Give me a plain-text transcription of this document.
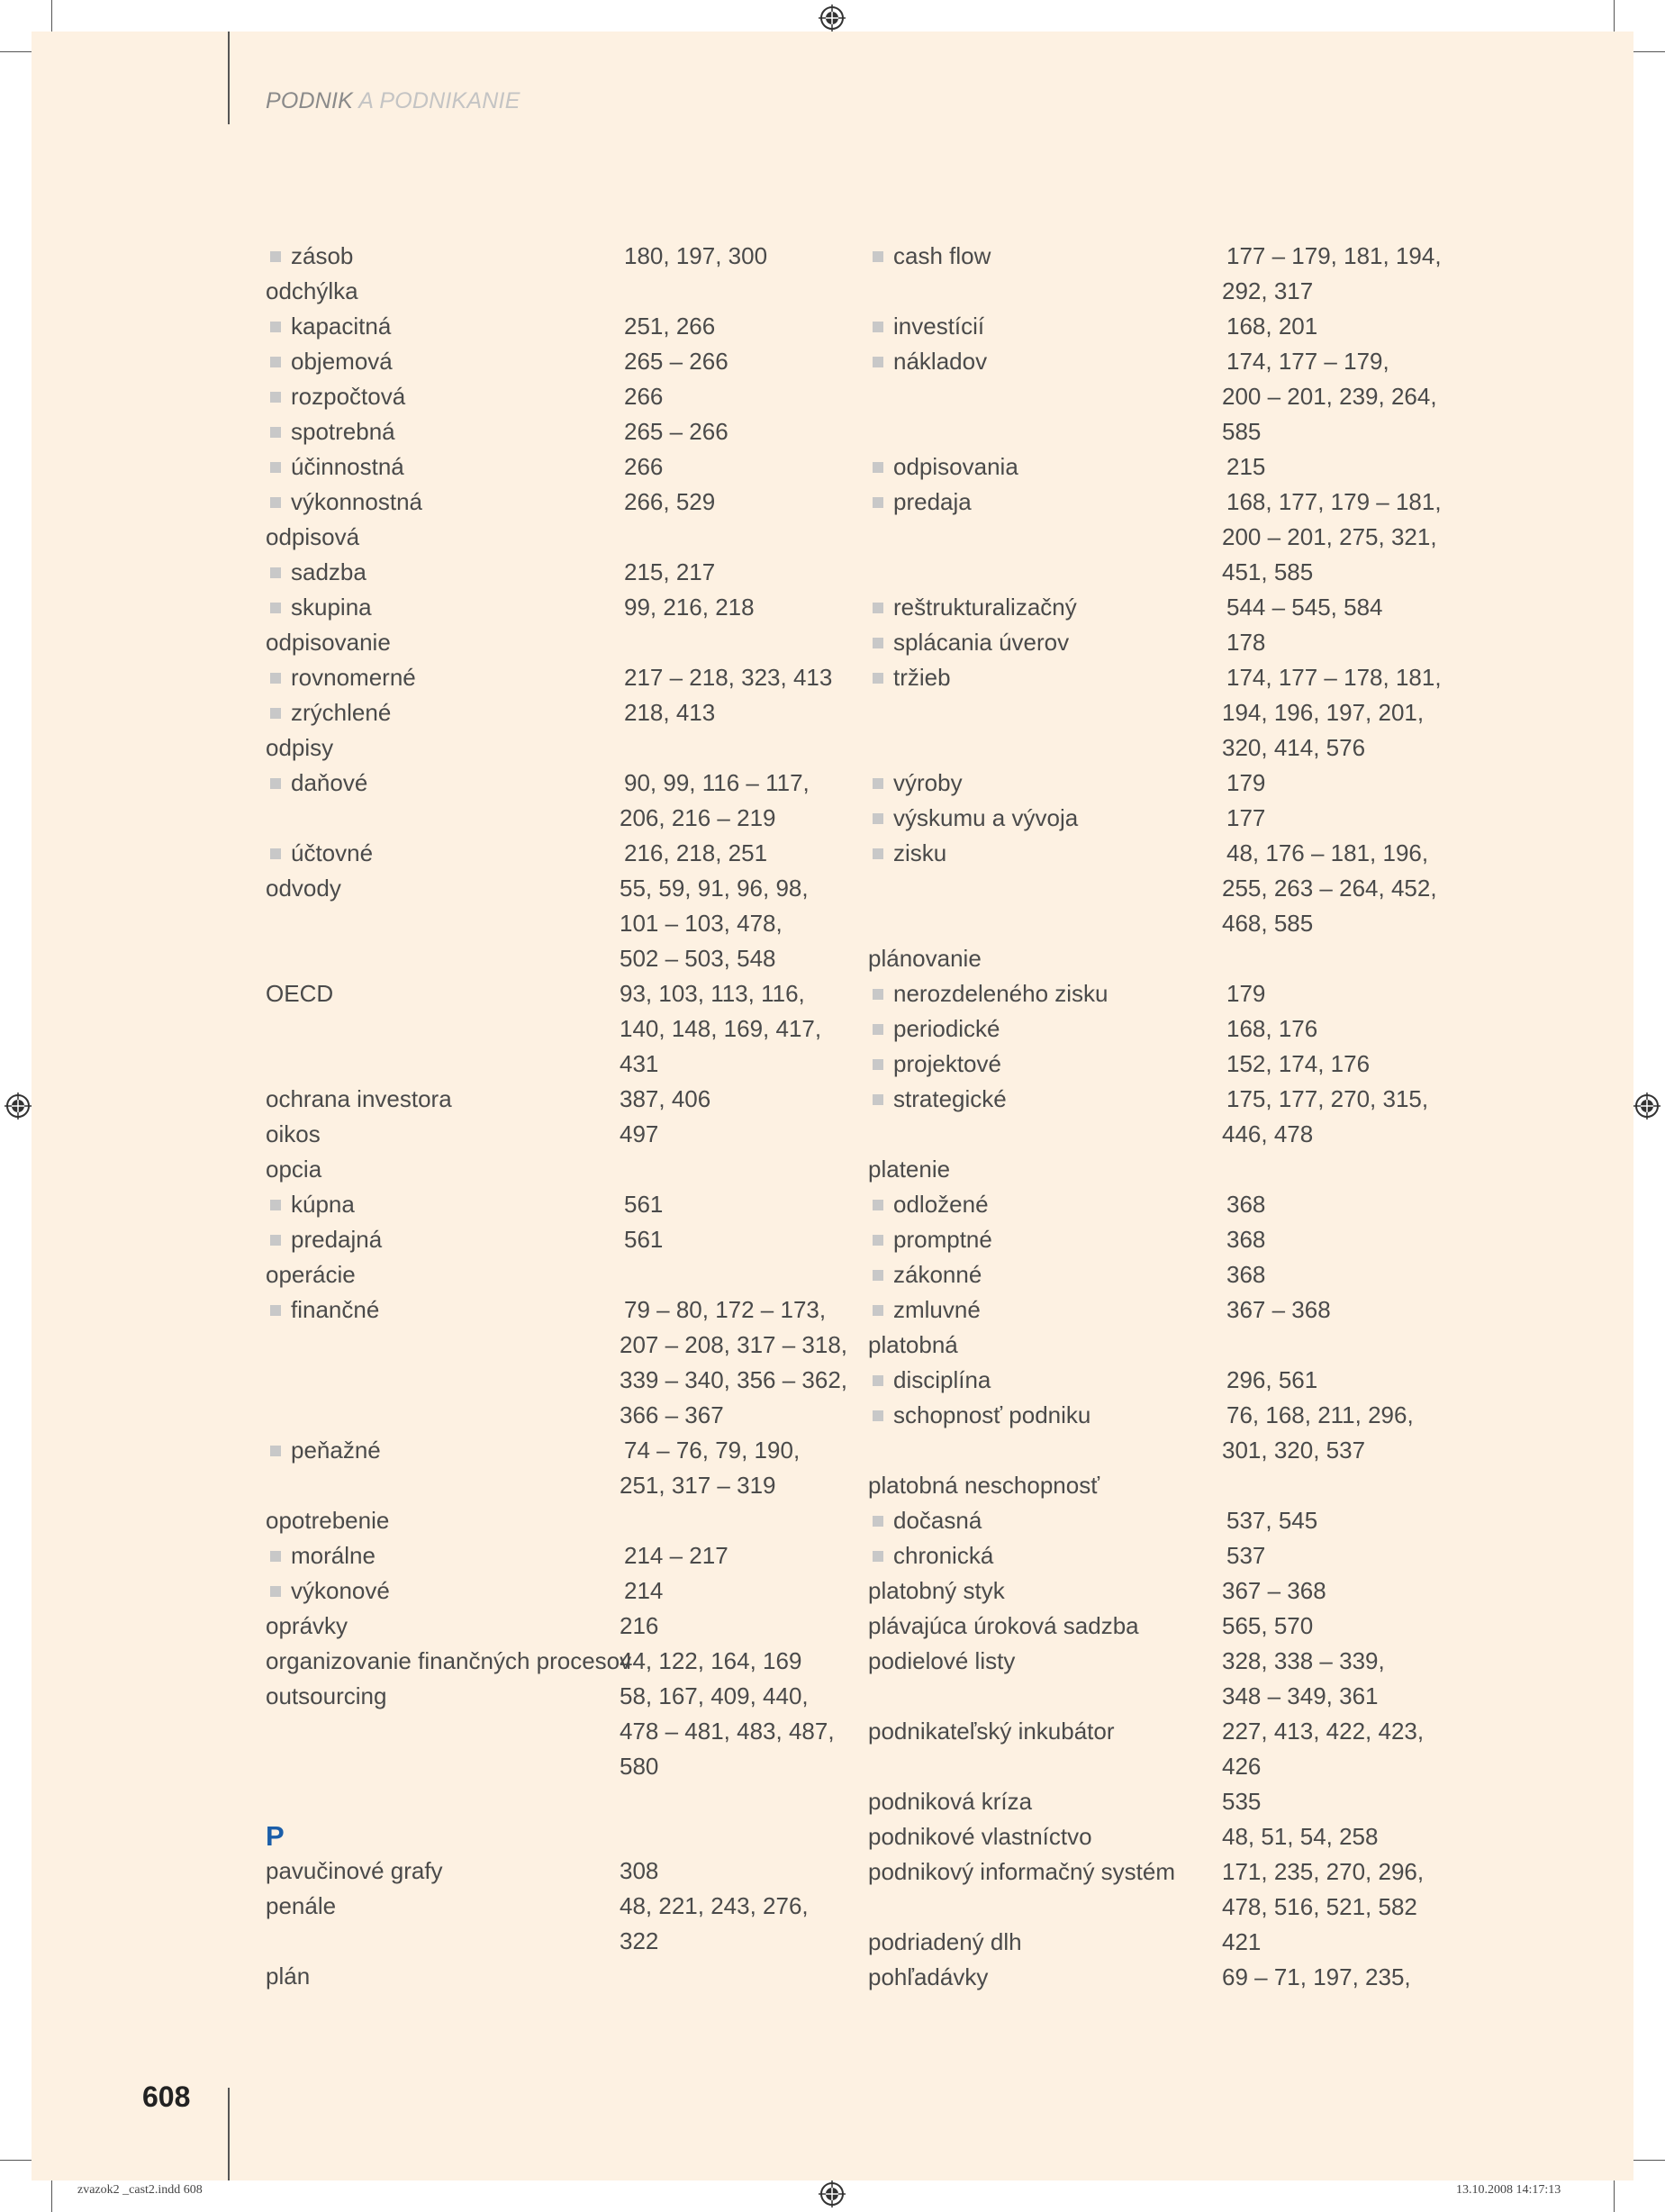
PODNIK A PODNIKANIE
zásob	180, 197, 300
odchýlka
kapacitná	251, 266
objemová	265 – 266
rozpočtová	266
spotrebná	265 – 266
účinnostná	266
výkonnostná	266, 529
odpisová
sadzba	215, 217
skupina	99, 216, 218
odpisovanie
rovnomerné	217 – 218, 323, 413
zrýchlené	218, 413
odpisy
daňové	90, 99, 116 – 117,
206, 216 – 219
účtovné	216, 218, 251
odvody	55, 59, 91, 96, 98,
101 – 103, 478,
502 – 503, 548
OECD	93, 103, 113, 116,
140, 148, 169, 417,
431
ochrana investora	387, 406
oikos	497
opcia
kúpna	561
predajná	561
operácie
finančné	79 – 80, 172 – 173,
207 – 208, 317 – 318,
339 – 340, 356 – 362,
366 – 367
peňažné	74 – 76, 79, 190,
251, 317 – 319
opotrebenie
morálne	214 – 217
výkonové	214
oprávky	216
organizovanie finančných procesov
44, 122, 164, 169
outsourcing	58, 167, 409, 440,
478 – 481, 483, 487,
580
P
pavučinové grafy	308
penále	48, 221, 243, 276,
322
plán
cash flow	177 – 179, 181, 194,
292, 317
investícií	168, 201
nákladov	174, 177 – 179,
200 – 201, 239, 264,
585
odpisovania	215
predaja	168, 177, 179 – 181,
200 – 201, 275, 321,
451, 585
reštrukturalizačný	544 – 545, 584
splácania úverov	178
tržieb	174, 177 – 178, 181,
194, 196, 197, 201,
320, 414, 576
výroby	179
výskumu a vývoja	177
zisku	48, 176 – 181, 196,
255, 263 – 264, 452,
468, 585
plánovanie
nerozdeleného zisku	179
periodické	168, 176
projektové	152, 174, 176
strategické	175, 177, 270, 315,
446, 478
platenie
odložené	368
promptné	368
zákonné	368
zmluvné	367 – 368
platobná
disciplína	296, 561
schopnosť podniku	76, 168, 211, 296,
301, 320, 537
platobná neschopnosť
dočasná	537, 545
chronická	537
platobný styk	367 – 368
plávajúca úroková sadzba	565, 570
podielové listy	328, 338 – 339,
348 – 349, 361
podnikateľský inkubátor	227, 413, 422, 423,
426
podniková kríza	535
podnikové vlastníctvo	48, 51, 54, 258
podnikový informačný systém 171, 235, 270, 296,
478, 516, 521, 582
podriadený dlh	421
pohľadávky	69 – 71, 197, 235,
608
zvazok2 _cast2.indd 608	13.10.2008 14:17:13
